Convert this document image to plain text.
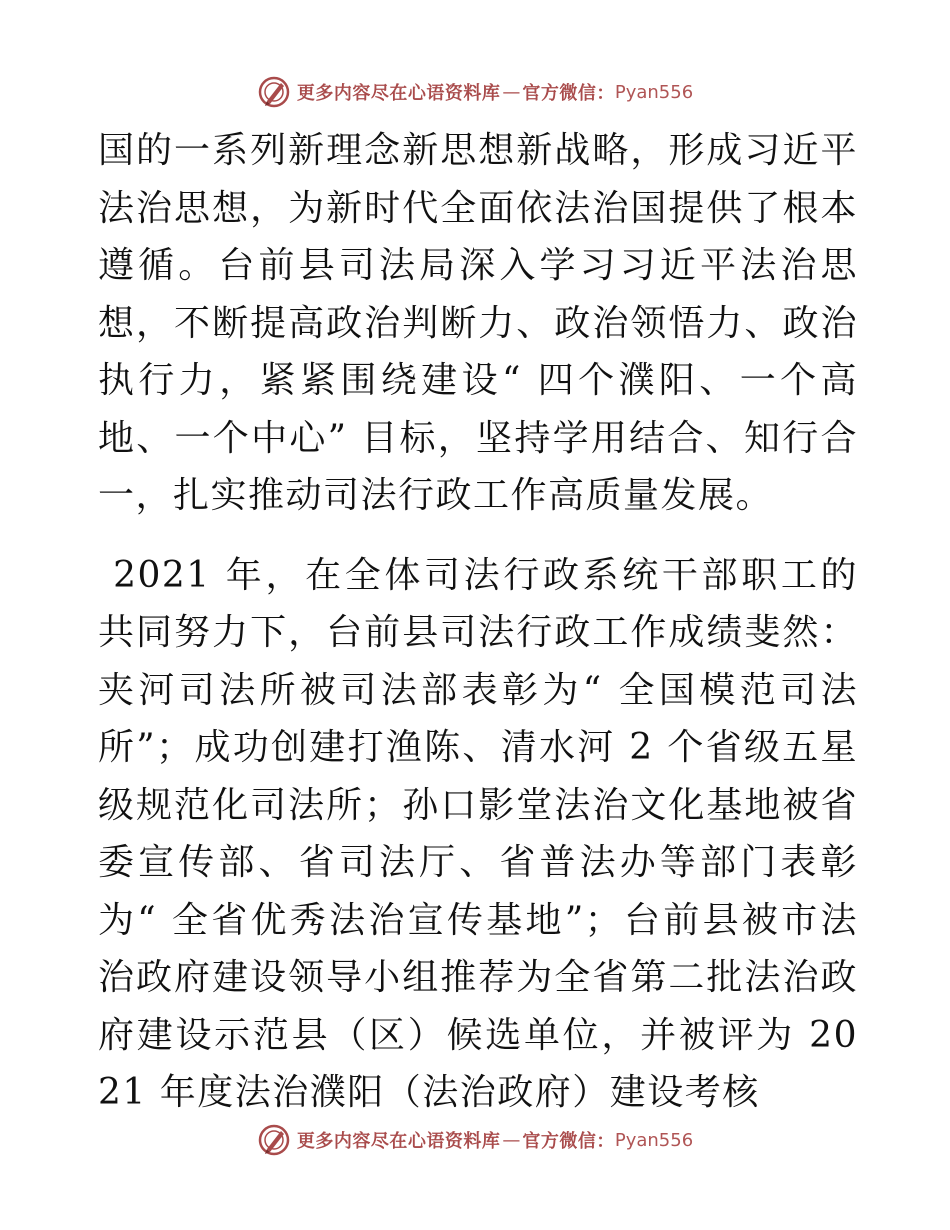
更多内容尽在心语资料库 — 官方微信： Pyan556

国的一系列新理念新思想新战略，形成习近平法治思想，为新时代全面依法治国提供了根本遵循。台前县司法局深入学习习近平法治思想，不断提高政治判断力、政治领悟力、政治执行力，紧紧围绕建设“ 四个濮阳、一个高地、一个中心” 目标，坚持学用结合、知行合一，扎实推动司法行政工作高质量发展。

2021 年，在全体司法行政系统干部职工的共同努力下，台前县司法行政工作成绩斐然：夹河司法所被司法部表彰为“ 全国模范司法所”；成功创建打渔陈、清水河 2 个省级五星级规范化司法所；孙口影堂法治文化基地被省委宣传部、省司法厅、省普法办等部门表彰为“ 全省优秀法治宣传基地”；台前县被市法治政府建设领导小组推荐为全省第二批法治政府建设示范县（区）候选单位，并被评为 2021 年度法治濮阳（法治政府）建设考核

更多内容尽在心语资料库 — 官方微信： Pyan556
